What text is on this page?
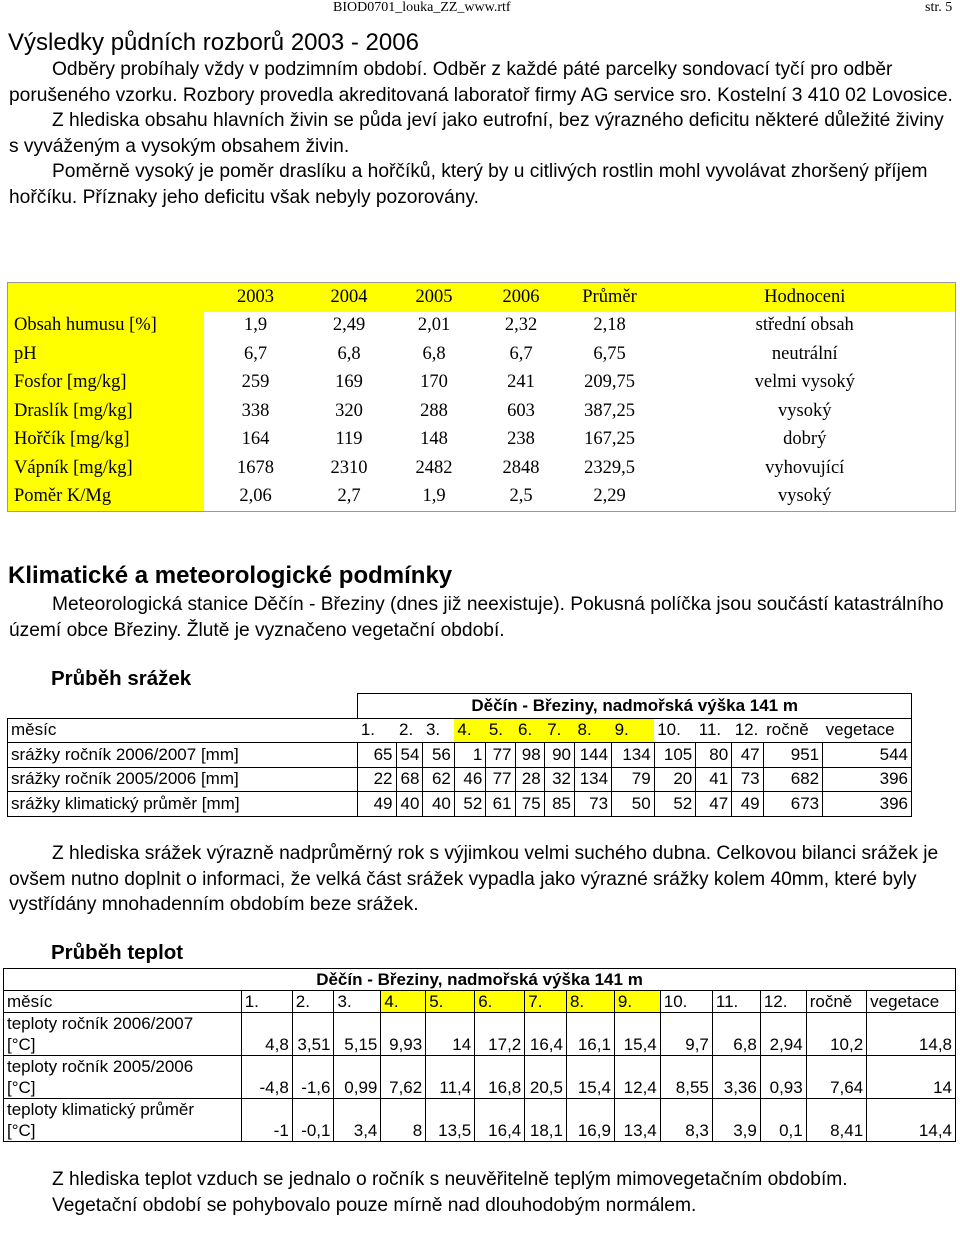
BIOD0701_louka_ZZ_www.rtf	str. 5
Výsledky půdních rozborů 2003 - 2006

Odběry probíhaly vždy v podzimním období. Odběr z každé páté parcelky sondovací tyčí pro odběr porušeného vzorku. Rozbory provedla akreditovaná laboratoř firmy AG service sro. Kostelní 3 410 02 Lovosice.

Z hlediska obsahu hlavních živin se půda jeví jako eutrofní, bez výrazného deficitu některé důležité živiny s vyváženým a vysokým obsahem živin.

Poměrně vysoký je poměr draslíku a hořčíků, který by u citlivých rostlin mohl vyvolávat zhoršený příjem hořčíku. Příznaky jeho deficitu však nebyly pozorovány.

	2003	2004	2005	2006	Průměr	Hodnoceni
Obsah humusu [%]	1,9	2,49	2,01	2,32	2,18	střední obsah
pH	6,7	6,8	6,8	6,7	6,75	neutrální
Fosfor [mg/kg]	259	169	170	241	209,75	velmi vysoký
Draslík [mg/kg]	338	320	288	603	387,25	vysoký
Hořčík [mg/kg]	164	119	148	238	167,25	dobrý
Vápník [mg/kg]	1678	2310	2482	2848	2329,5	vyhovující
Poměr K/Mg	2,06	2,7	1,9	2,5	2,29	vysoký
Klimatické a meteorologické podmínky

Meteorologická stanice Děčín - Březiny (dnes již neexistuje). Pokusná políčka jsou součástí katastrálního území obce Březiny. Žlutě je vyznačeno vegetační období.

Průběh srážek
	Děčín - Březiny, nadmořská výška 141 m													
měsíc	1.	2.	3.	4.	5.	6.	7.	8.	9.	10.	11.	12.	ročně	vegetace
srážky ročník 2006/2007 [mm]	65	54	56	1	77	98	90	144	134	105	80	47	951	544
srážky ročník 2005/2006 [mm]	22	68	62	46	77	28	32	134	79	20	41	73	682	396
srážky klimatický průměr [mm]	49	40	40	52	61	75	85	73	50	52	47	49	673	396

Z hlediska srážek výrazně nadprůměrný rok s výjimkou velmi suchého dubna. Celkovou bilanci srážek je ovšem nutno doplnit o informaci, že velká část srážek vypadla jako výrazné srážky kolem 40mm, které byly vystřídány mnohadenním obdobím beze srážek.

Průběh teplot
Děčín - Březiny, nadmořská výška 141 m														
měsíc	1.	2.	3.	4.	5.	6.	7.	8.	9.	10.	11.	12.	ročně	vegetace

teploty ročník 2006/2007
[°C]	4,8	3,51	5,15	9,93	14	17,2	16,4	16,1	15,4	9,7	6,8	2,94	10,2	14,8

teploty ročník 2005/2006
[°C]	-4,8	-1,6	0,99	7,62	11,4	16,8	20,5	15,4	12,4	8,55	3,36	0,93	7,64	14

teploty klimatický průměr
[°C]	-1	-0,1	3,4	8	13,5	16,4	18,1	16,9	13,4	8,3	3,9	0,1	8,41	14,4

Z hlediska teplot vzduch se jednalo o ročník s neuvěřitelně teplým mimovegetačním obdobím.

Vegetační období se pohybovalo pouze mírně nad dlouhodobým normálem.
